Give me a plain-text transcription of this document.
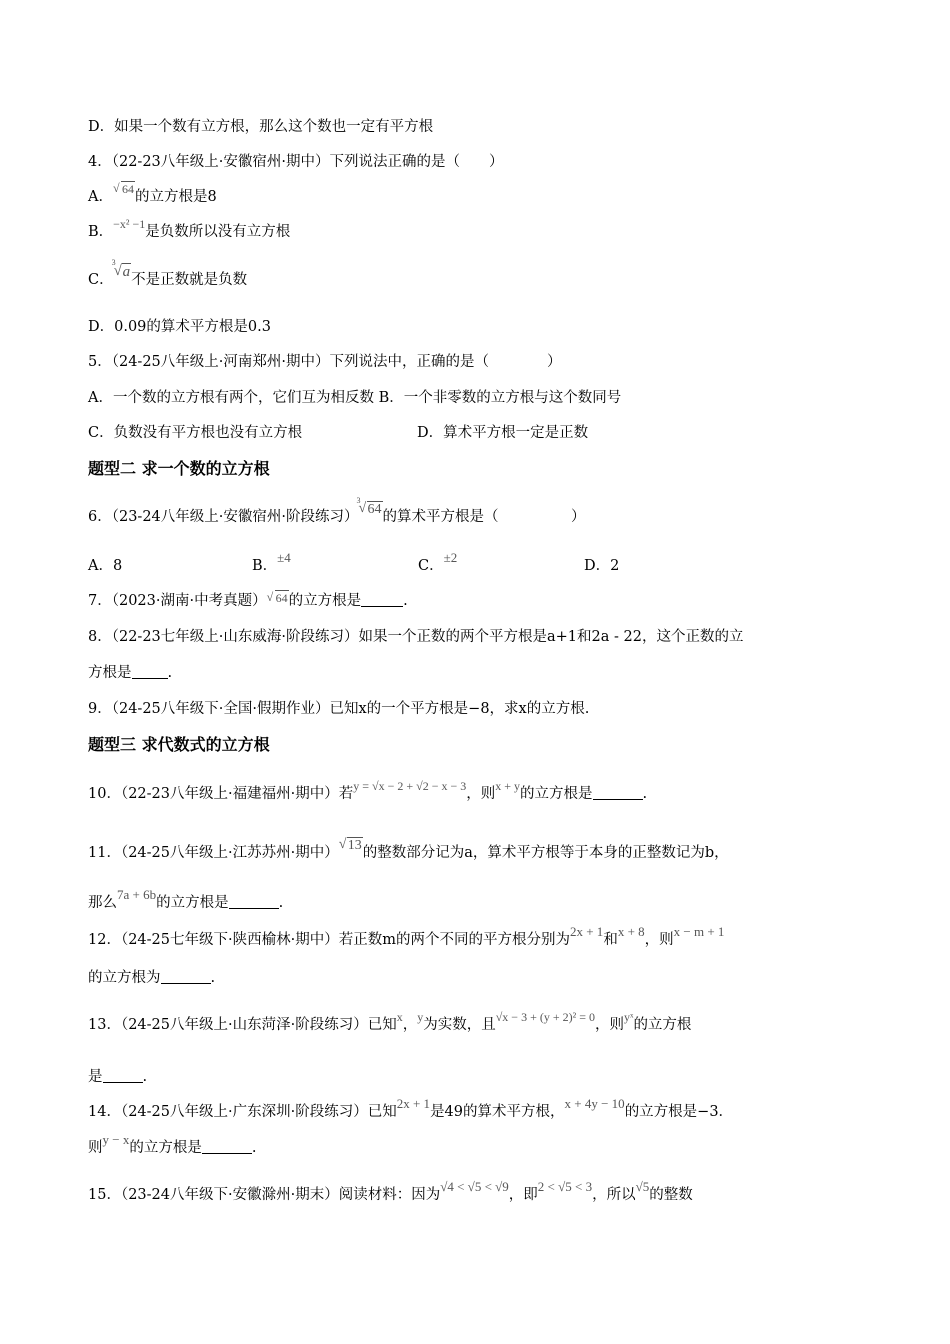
D．如果一个数有立方根，那么这个数也一定有平方根
4．（22-23八年级上·安徽宿州·期中）下列说法正确的是（　　）
A．
√ 64的立方根是8
B．$^{-x^2 -1}$是负数所以没有立方根
C．
3
√ a不是正数就是负数
D．0.09的算术平方根是0.3
5．（24-25八年级上·河南郑州·期中）下列说法中，正确的是（　　　　）
A．一个数的立方根有两个，它们互为相反数 B．一个非零数的立方根与这个数同号
C．负数没有平方根也没有立方根	D．算术平方根一定是正数
题型二 求一个数的立方根
6．（23-24八年级上·安徽宿州·阶段练习）
3
√ 64的算术平方根是（　　　　　）
A．8	B．±4
C．±2
D．2
7．（2023·湖南·中考真题） √ 64的立方根是	.
8．（22-23七年级上·山东威海·阶段练习）如果一个正数的两个平方根是a+1和2a - 22，这个正数的立
方根是 .
9．（24-25八年级下·全国·假期作业）已知x的一个平方根是−8，求x的立方根.
题型三 求代数式的立方根
10．（22-23八年级上·福建福州·期中）若$^{y = √x - 2 + √2 - x - 3}$，则$^{x + y}$的立方根是	.
11．（24-25八年级上·江苏苏州·期中）
√ 13的整数部分记为a，算术平方根等于本身的正整数记为b，
那么7a + 6b的立方根是	.
12．（24-25七年级下·陕西榆林·期中）若正数m的两个不同的平方根分别为2x + 1和x + 8，则x − m + 1
的立方根为	.
13．（24-25八年级上·山东菏泽·阶段练习）已知$^x$，$^y$为实数，且$^{√x - 3 + (y + 2)^2 = 0}$，则$^{yˣ}$的立方根
是	.
14．（24-25八年级上·广东深圳·阶段练习）已知2x + 1是49的算术平方根，x + 4y − 10的立方根是−3．
则y − x的立方根是	.
15．（23-24八年级下·安徽滁州·期末）阅读材料：因为√4 < √5 < √9，即2 < √5 < 3，所以√5的整数
